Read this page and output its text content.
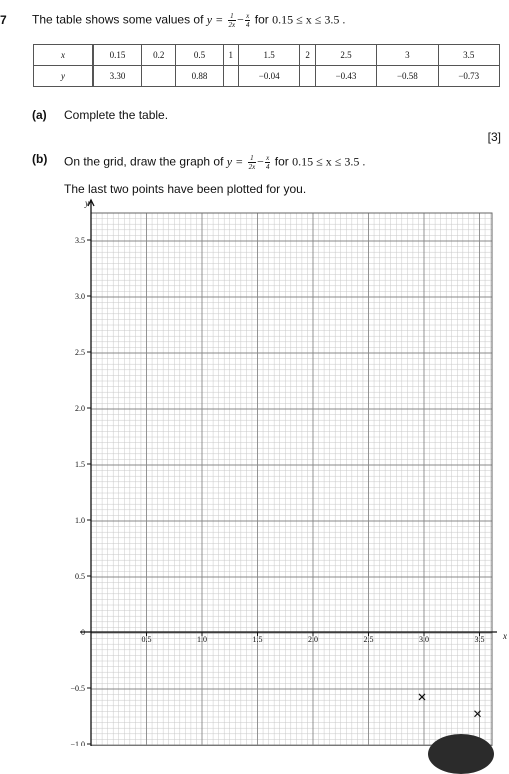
7 The table shows some values of $y = \frac{1}{2x} - \frac{x}{4}$ for 0.15 ≤ x ≤ 3.5 .
x	0.15	0.2	0.5	1	1.5	2	2.5	3	3.5
y	3.30		0.88		−0.04		−0.43	−0.58	−0.73
(a) Complete the table.
[3]
(b) On the grid, draw the graph of $y = \frac{1}{2x} - \frac{x}{4}$ for 0.15 ≤ x ≤ 3.5 .
The last two points have been plotted for you.
x
y
0.5	1.0	1.5	2.0	2.5	3.0	3.5
3.5
3.0
2.5
2.0
1.5
1.0
0.5
0
−0.5
−1.0
